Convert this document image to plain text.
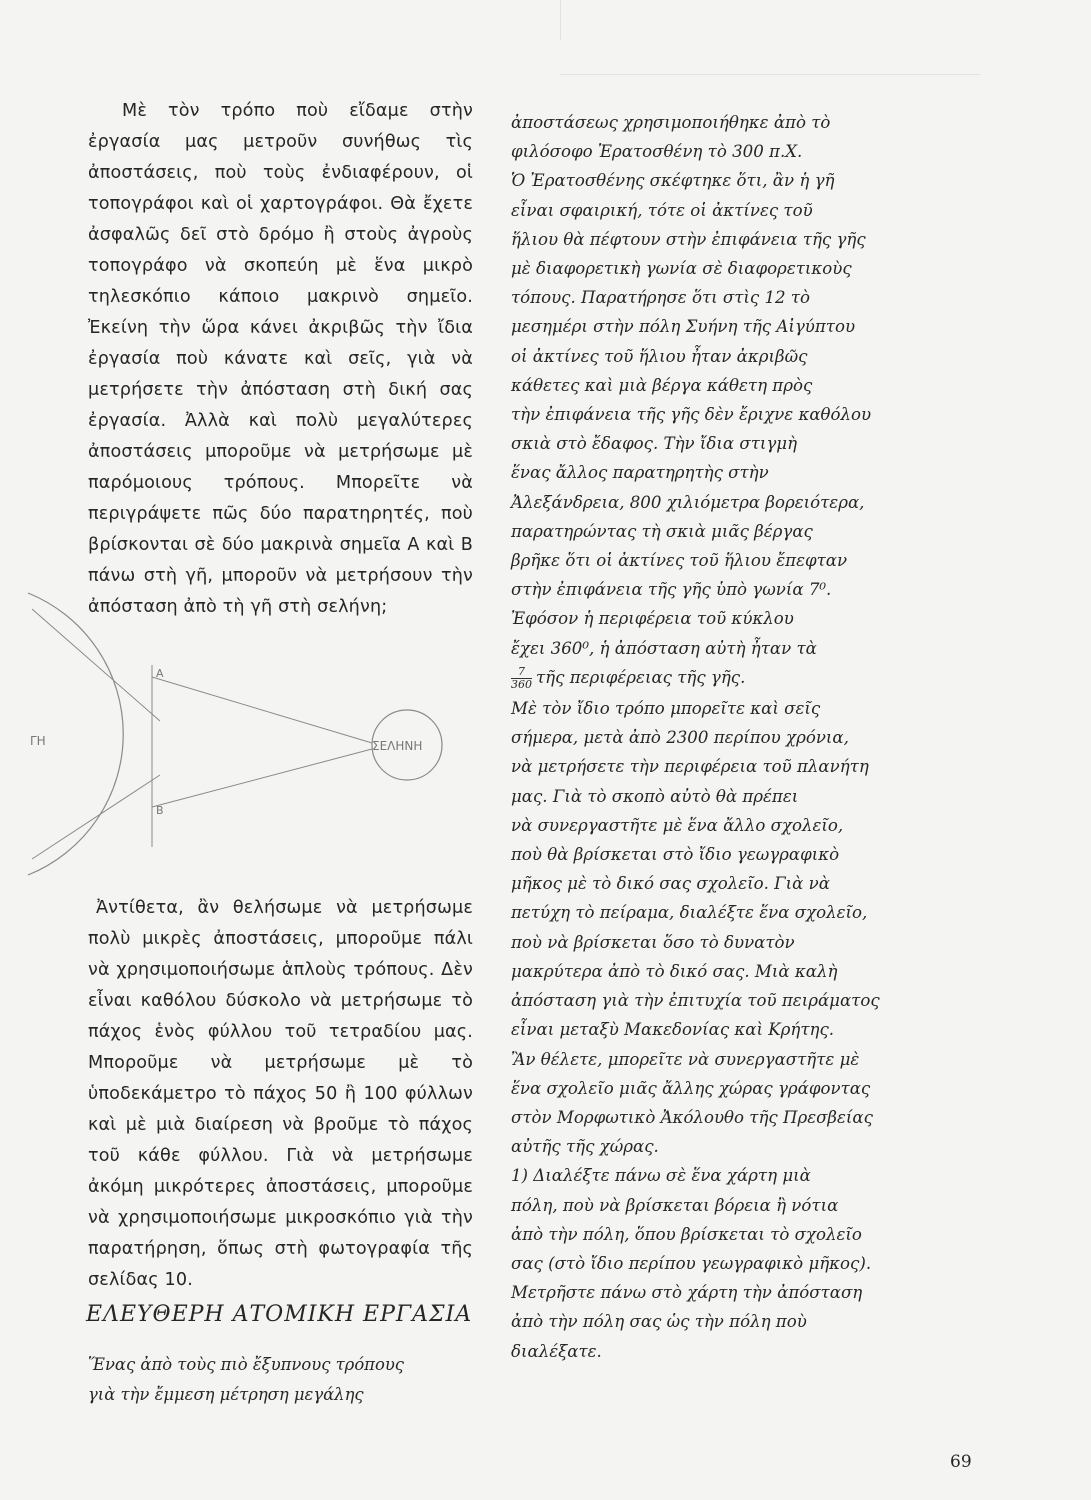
Μὲ τὸν τρόπο ποὺ εἴδαμε στὴν ἐργασία μας μετροῦν συνήθως τὶς ἀποστάσεις, ποὺ τοὺς ἐνδιαφέρουν, οἱ τοπογράφοι καὶ οἱ χαρτογράφοι. Θὰ ἔχετε ἀσφαλῶς δεῖ στὸ δρόμο ἢ στοὺς ἀγροὺς τοπογράφο νὰ σκοπεύη μὲ ἕνα μικρὸ τηλεσκόπιο κάποιο μακρινὸ σημεῖο. Ἐκείνη τὴν ὥρα κάνει ἀκριβῶς τὴν ἴδια ἐργασία ποὺ κάνατε καὶ σεῖς, γιὰ νὰ μετρήσετε τὴν ἀπόσταση στὴ δική σας ἐργασία. Ἀλλὰ καὶ πολὺ μεγαλύτερες ἀποστάσεις μποροῦμε νὰ μετρήσωμε μὲ παρόμοιους τρόπους. Μπορεῖτε νὰ περιγράψετε πῶς δύο παρατηρητές, ποὺ βρίσκονται σὲ δύο μακρινὰ σημεῖα Α καὶ Β πάνω στὴ γῆ, μποροῦν νὰ μετρήσουν τὴν ἀπόσταση ἀπὸ τὴ γῆ στὴ σελήνη;

ΓΗ	ΣΕΛΗΝΗ
Α
Β

Ἀντίθετα, ἂν θελήσωμε νὰ μετρήσωμε πολὺ μικρὲς ἀποστάσεις, μποροῦμε πάλι νὰ χρησιμοποιήσωμε ἁπλοὺς τρόπους. Δὲν εἶναι καθόλου δύσκολο νὰ μετρήσωμε τὸ πάχος ἑνὸς φύλλου τοῦ τετραδίου μας. Μποροῦμε νὰ μετρήσωμε μὲ τὸ ὑποδεκάμετρο τὸ πάχος 50 ἢ 100 φύλλων καὶ μὲ μιὰ διαίρεση νὰ βροῦμε τὸ πάχος τοῦ κάθε φύλλου. Γιὰ νὰ μετρήσωμε ἀκόμη μικρότερες ἀποστάσεις, μποροῦμε νὰ χρησιμοποιήσωμε μικροσκόπιο γιὰ τὴν παρατήρηση, ὅπως στὴ φωτογραφία τῆς σελίδας 10.

ΕΛΕΥΘΕΡΗ ΑΤΟΜΙΚΗ ΕΡΓΑΣΙΑ

Ἕνας ἀπὸ τοὺς πιὸ ἔξυπνους τρόπους

γιὰ τὴν ἔμμεση μέτρηση μεγάλης

ἀποστάσεως χρησιμοποιήθηκε ἀπὸ τὸ

φιλόσοφο Ἐρατοσθένη τὸ 300 π.Χ.

Ὁ Ἐρατοσθένης σκέφτηκε ὅτι, ἂν ἡ γῆ

εἶναι σφαιρική, τότε οἱ ἀκτίνες τοῦ

ἥλιου θὰ πέφτουν στὴν ἐπιφάνεια τῆς γῆς

μὲ διαφορετικὴ γωνία σὲ διαφορετικοὺς

τόπους. Παρατήρησε ὅτι στὶς 12 τὸ

μεσημέρι στὴν πόλη Συήνη τῆς Αἰγύπτου

οἱ ἀκτίνες τοῦ ἥλιου ἦταν ἀκριβῶς

κάθετες καὶ μιὰ βέργα κάθετη πρὸς

τὴν ἐπιφάνεια τῆς γῆς δὲν ἔριχνε καθόλου

σκιὰ στὸ ἔδαφος. Τὴν ἴδια στιγμὴ

ἕνας ἄλλος παρατηρητὴς στὴν

Ἀλεξάνδρεια, 800 χιλιόμετρα βορειότερα,

παρατηρώντας τὴ σκιὰ μιᾶς βέργας

βρῆκε ὅτι οἱ ἀκτίνες τοῦ ἥλιου ἔπεφταν

στὴν ἐπιφάνεια τῆς γῆς ὑπὸ γωνία 7⁰.

Ἐφόσον ἡ περιφέρεια τοῦ κύκλου

ἔχει 360⁰, ἡ ἀπόσταση αὐτὴ ἦταν τὰ

$\frac{7}{360}$ τῆς περιφέρειας τῆς γῆς.

Μὲ τὸν ἴδιο τρόπο μπορεῖτε καὶ σεῖς

σήμερα, μετὰ ἀπὸ 2300 περίπου χρόνια,

νὰ μετρήσετε τὴν περιφέρεια τοῦ πλανήτη

μας. Γιὰ τὸ σκοπὸ αὐτὸ θὰ πρέπει

νὰ συνεργαστῆτε μὲ ἕνα ἄλλο σχολεῖο,

ποὺ θὰ βρίσκεται στὸ ἴδιο γεωγραφικὸ

μῆκος μὲ τὸ δικό σας σχολεῖο. Γιὰ νὰ

πετύχη τὸ πείραμα, διαλέξτε ἕνα σχολεῖο,

ποὺ νὰ βρίσκεται ὅσο τὸ δυνατὸν

μακρύτερα ἀπὸ τὸ δικό σας. Μιὰ καλὴ

ἀπόσταση γιὰ τὴν ἐπιτυχία τοῦ πειράματος

εἶναι μεταξὺ Μακεδονίας καὶ Κρήτης.

Ἂν θέλετε, μπορεῖτε νὰ συνεργαστῆτε μὲ

ἕνα σχολεῖο μιᾶς ἄλλης χώρας γράφοντας

στὸν Μορφωτικὸ Ἀκόλουθο τῆς Πρεσβείας

αὐτῆς τῆς χώρας.

1) Διαλέξτε πάνω σὲ ἕνα χάρτη μιὰ

πόλη, ποὺ νὰ βρίσκεται βόρεια ἢ νότια

ἀπὸ τὴν πόλη, ὅπου βρίσκεται τὸ σχολεῖο

σας (στὸ ἴδιο περίπου γεωγραφικὸ μῆκος).

Μετρῆστε πάνω στὸ χάρτη τὴν ἀπόσταση

ἀπὸ τὴν πόλη σας ὡς τὴν πόλη ποὺ

διαλέξατε.

69
